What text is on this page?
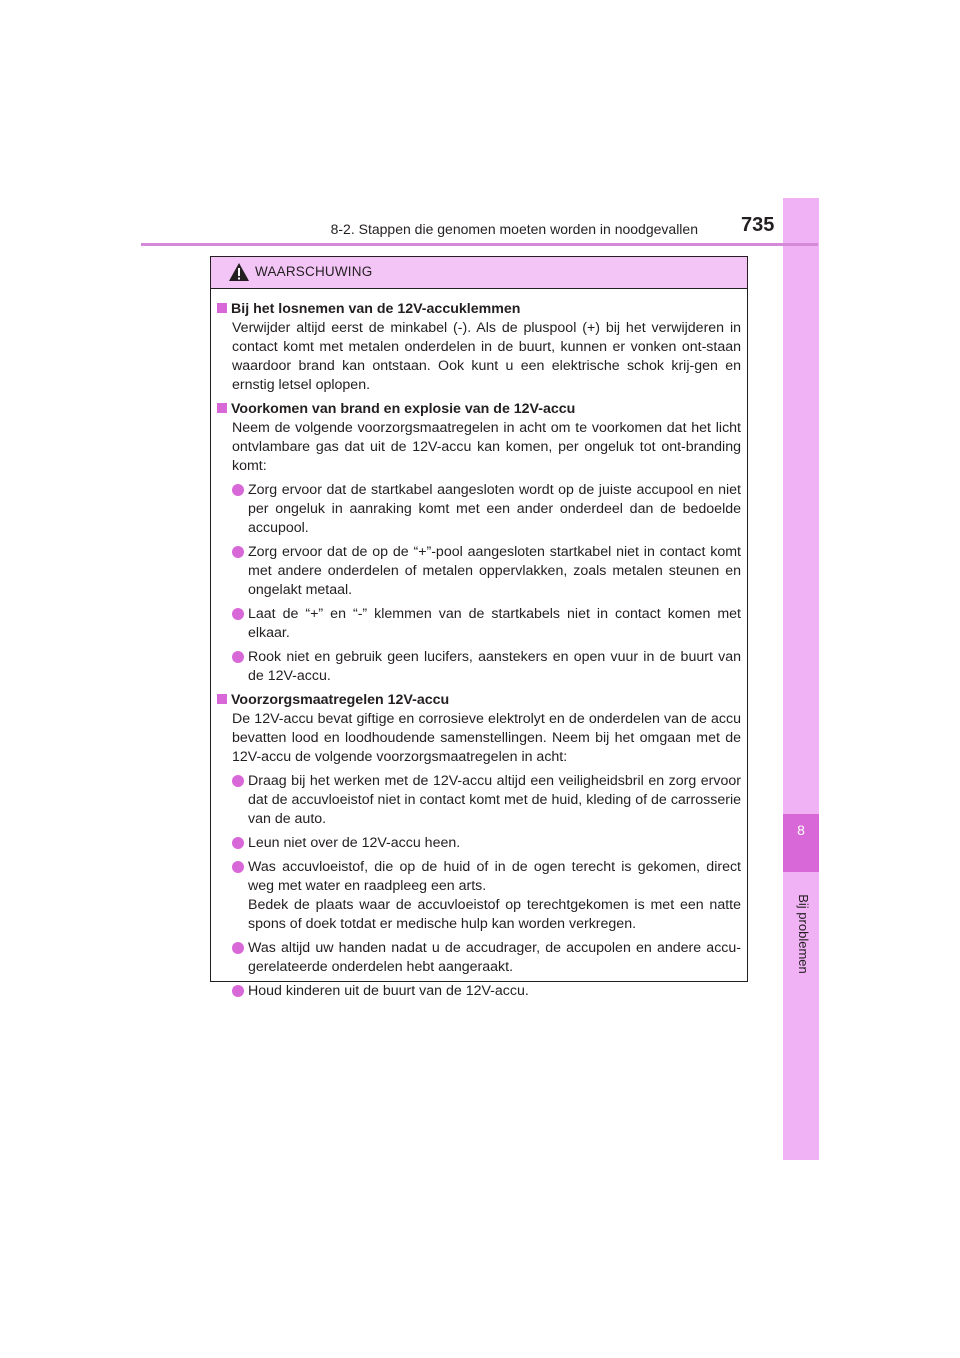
8
Bij problemen
8-2. Stappen die genomen moeten worden in noodgevallen 735
WAARSCHUWING
Bij het losnemen van de 12V-accuklemmen
Verwijder altijd eerst de minkabel (-). Als de pluspool (+) bij het verwijderen in contact komt met metalen onderdelen in de buurt, kunnen er vonken ont-staan waardoor brand kan ontstaan. Ook kunt u een elektrische schok krij-gen en ernstig letsel oplopen.
Voorkomen van brand en explosie van de 12V-accu
Neem de volgende voorzorgsmaatregelen in acht om te voorkomen dat het licht ontvlambare gas dat uit de 12V-accu kan komen, per ongeluk tot ont-branding komt:
Zorg ervoor dat de startkabel aangesloten wordt op de juiste accupool en niet per ongeluk in aanraking komt met een ander onderdeel dan de bedoelde accupool.
Zorg ervoor dat de op de “+”-pool aangesloten startkabel niet in contact komt met andere onderdelen of metalen oppervlakken, zoals metalen steunen en ongelakt metaal.
Laat de “+” en “-” klemmen van de startkabels niet in contact komen met elkaar.
Rook niet en gebruik geen lucifers, aanstekers en open vuur in de buurt van de 12V-accu.
Voorzorgsmaatregelen 12V-accu
De 12V-accu bevat giftige en corrosieve elektrolyt en de onderdelen van de accu bevatten lood en loodhoudende samenstellingen. Neem bij het omgaan met de 12V-accu de volgende voorzorgsmaatregelen in acht:
Draag bij het werken met de 12V-accu altijd een veiligheidsbril en zorg ervoor dat de accuvloeistof niet in contact komt met de huid, kleding of de carrosserie van de auto.
Leun niet over de 12V-accu heen.
Was accuvloeistof, die op de huid of in de ogen terecht is gekomen, direct weg met water en raadpleeg een arts.
Bedek de plaats waar de accuvloeistof op terechtgekomen is met een natte spons of doek totdat er medische hulp kan worden verkregen.
Was altijd uw handen nadat u de accudrager, de accupolen en andere accu-gerelateerde onderdelen hebt aangeraakt.
Houd kinderen uit de buurt van de 12V-accu.
